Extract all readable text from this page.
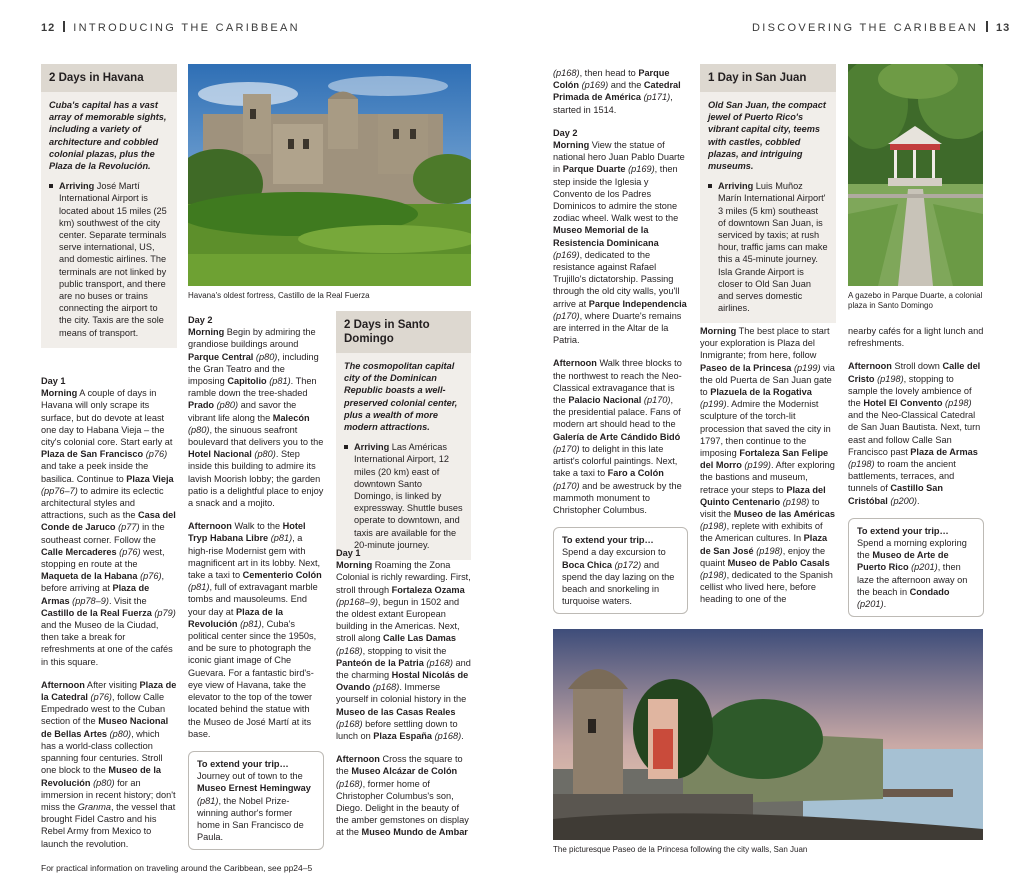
12 INTRODUCING THE CARIBBEAN	DISCOVERING THE CARIBBEAN 13
2 Days in Havana
Cuba's capital has a vast array of memorable sights, including a variety of architecture and cobbled colonial plazas, plus the Plaza de la Revolución.
Arriving José Martí International Airport is located about 15 miles (25 km) southwest of the city center. Separate terminals serve international, US, and domestic airlines. The terminals are not linked by public transport, and there are no buses or trains connecting the airport to the city. Taxis are the sole means of transport.
Day 1
Morning A couple of days in Havana will only scrape its surface, but do devote at least one day to Habana Vieja – the city's colonial core. Start early at Plaza de San Francisco (p76) and take a peek inside the basilica. Continue to Plaza Vieja (pp76–7) to admire its eclectic architectural styles and attractions, such as the Casa del Conde de Jaruco (p77) in the southeast corner. Follow the Calle Mercaderes (p76) west, stopping en route at the Maqueta de la Habana (p76), before arriving at Plaza de Armas (pp78–9). Visit the Castillo de la Real Fuerza (p79) and the Museo de la Ciudad, then take a break for refreshments at one of the cafés in this square.
Afternoon After visiting Plaza de la Catedral (p76), follow Calle Empedrado west to the Cuban section of the Museo Nacional de Bellas Artes (p80), which has a world-class collection spanning four centuries. Stroll one block to the Museo de la Revolución (p80) for an immersion in recent history; don't miss the Granma, the vessel that brought Fidel Castro and his Rebel Army from Mexico to launch the revolution.
Havana's oldest fortress, Castillo de la Real Fuerza
Day 2
Morning Begin by admiring the grandiose buildings around Parque Central (p80), including the Gran Teatro and the imposing Capitolio (p81). Then ramble down the tree-shaded Prado (p80) and savor the vibrant life along the Malecón (p80), the sinuous seafront boulevard that delivers you to the Hotel Nacional (p80). Step inside this building to admire its lavish Moorish lobby; the garden patio is a delightful place to enjoy a snack and a mojito.
Afternoon Walk to the Hotel Tryp Habana Libre (p81), a high-rise Modernist gem with magnificent art in its lobby. Next, take a taxi to Cementerio Colón (p81), full of extravagant marble tombs and mausoleums. End your day at Plaza de la Revolución (p81), Cuba's political center since the 1950s, and be sure to photograph the iconic giant image of Che Guevara. For a fantastic bird's-eye view of Havana, take the elevator to the top of the tower located behind the statue with the Museo de José Martí at its base.
To extend your trip…
Journey out of town to the Museo Ernest Hemingway (p81), the Nobel Prize-winning author's former home in San Francisco de Paula.
2 Days in Santo Domingo
The cosmopolitan capital city of the Dominican Republic boasts a well-preserved colonial center, plus a wealth of more modern attractions.
Arriving Las Américas International Airport, 12 miles (20 km) east of downtown Santo Domingo, is linked by expressway. Shuttle buses operate to downtown, and taxis are available for the 20-minute journey.
Day 1
Morning Roaming the Zona Colonial is richly rewarding. First, stroll through Fortaleza Ozama (pp168–9), begun in 1502 and the oldest extant European building in the Americas. Next, stroll along Calle Las Damas (p168), stopping to visit the Panteón de la Patria (p168) and the charming Hostal Nicolás de Ovando (p168). Immerse yourself in colonial history in the Museo de las Casas Reales (p168) before settling down to lunch on Plaza España (p168).
Afternoon Cross the square to the Museo Alcázar de Colón (p168), former home of Christopher Columbus's son, Diego. Delight in the beauty of the amber gemstones on display at the Museo Mundo de Ambar
(p168), then head to Parque Colón (p169) and the Catedral Primada de América (p171), started in 1514.
Day 2
Morning View the statue of national hero Juan Pablo Duarte in Parque Duarte (p169), then step inside the Iglesia y Convento de los Padres Dominicos to admire the stone zodiac wheel. Walk west to the Museo Memorial de la Resistencia Dominicana (p169), dedicated to the resistance against Rafael Trujillo's dictatorship. Passing through the old city walls, you'll arrive at Parque Independencia (p170), where Duarte's remains are interred in the Altar de la Patria.
Afternoon Walk three blocks to the northwest to reach the Neo-Classical extravagance that is the Palacio Nacional (p170), the presidential palace. Fans of modern art should head to the Galería de Arte Cándido Bidó (p170) to delight in this late artist's colorful paintings. Next, take a taxi to Faro a Colón (p170) and be awestruck by the mammoth monument to Christopher Columbus.
To extend your trip…
Spend a day excursion to Boca Chica (p172) and spend the day lazing on the beach and snorkeling in turquoise waters.
1 Day in San Juan
Old San Juan, the compact jewel of Puerto Rico's vibrant capital city, teems with castles, cobbled plazas, and intriguing museums.
Arriving Luis Muñoz Marín International Airport' 3 miles (5 km) southeast of downtown San Juan, is serviced by taxis; at rush hour, traffic jams can make this a 45-minute journey. Isla Grande Airport is closer to Old San Juan and serves domestic airlines.
Morning The best place to start your exploration is Plaza del Inmigrante; from here, follow Paseo de la Princesa (p199) via the old Puerta de San Juan gate to Plazuela de la Rogativa (p199). Admire the Modernist sculpture of the torch-lit procession that saved the city in 1797, then continue to the imposing Fortaleza San Felipe del Morro (p199). After exploring the bastions and museum, retrace your steps to Plaza del Quinto Centenario (p198) to visit the Museo de las Américas (p198), replete with exhibits of the American cultures. In Plaza de San José (p198), enjoy the quaint Museo de Pablo Casals (p198), dedicated to the Spanish cellist who lived here, before heading to one of the
A gazebo in Parque Duarte, a colonial plaza in Santo Domingo
nearby cafés for a light lunch and refreshments.
Afternoon Stroll down Calle del Cristo (p198), stopping to sample the lovely ambience of the Hotel El Convento (p198) and the Neo-Classical Catedral de San Juan Bautista. Next, turn east and follow Calle San Francisco past Plaza de Armas (p198) to roam the ancient battlements, terraces, and tunnels of Castillo San Cristóbal (p200).
To extend your trip…
Spend a morning exploring the Museo de Arte de Puerto Rico (p201), then laze the afternoon away on the beach in Condado (p201).
The picturesque Paseo de la Princesa following the city walls, San Juan
For practical information on traveling around the Caribbean, see pp24–5
